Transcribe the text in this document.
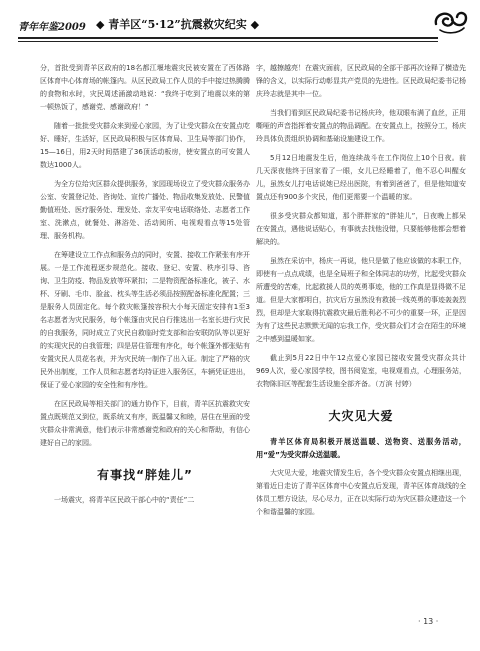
青年年鉴2009 ◆ 青羊区“5·12”抗震救灾纪实 ◆

分，首批受到青羊区政府的18名都江堰地震灾民被安置在了西体路区体育中心体育场的帐篷内。从区民政局工作人员的手中接过热腾腾的食物和水时，灾民周述涌激动地说：“我终于吃到了地震以来的第一顿热饭了，感谢党、感谢政府！”

随着一批批受灾群众来到爱心家园，为了让受灾群众在安置点吃好、睡好，生活好，区民政局积极与区体育局、卫生局等部门协作，15—16日，用2天时间搭建了36顶活动板房，使安置点的可安置人数达1000人。

为全方位给灾区群众提供服务，家园现场设立了受灾群众服务办公室、安置登记处、咨询处、宣传广播处、物品收集发放处、民警值勤值班处、医疗服务处、理发处、亲友平安电话联络处、志愿者工作室、洗漱点，就餐处、淋浴处、活动阅所、电视观看点等15处管理、服务机构。

在筹建设立工作点和服务点的同时，安置、接收工作紧张有序开展。一是工作流程逐步规范化。接收、登记、安置、秩序引导、咨询、卫生防疫、物品发放等环紧扣；二是物资配备标准化，被子、水杯、牙刷、毛巾、脸盆、枕头等生活必须品按照配备标准化配置；三是服务人员固定化。每个救灾帐篷按容积大小每天固定安排有1至3名志愿者为灾民服务，每个帐篷由灾民自行推选出一名室长进行灾民的自我服务，同时成立了灾民自救临时党支部和治安联防队等以更好的实现灾民的自我管理；四是居住管理有序化，每个帐篷外都张贴有安置灾民人员花名表，并为灾民统一制作了出入证。制定了严格的灾民外出制度，工作人员和志愿者均持证进入服务区，车辆凭证进出，保证了爱心家园的安全性和有序性。

在区民政局等相关部门的通力协作下，目前，青羊区抗震救灾安置点既规范又到位，既系统又有序，既温馨又和睦，居住在里面的受灾群众非常满意，他们表示非常感谢党和政府的关心和帮助，有信心建好自己的家园。

有事找“胖娃儿”

一场震灾，将青羊区民政干部心中的“责任”二

字，越擦越亮！在震灾面前，区民政局的全部干部再次诠释了横造先锋的含义，以实际行动彰显共产党员的先进性。区民政局纪委书记杨庆玲志就是其中一位。

当我们看到区民政局纪委书记杨庆玲，他双眼布满了血丝，正用嘶哑的声音指挥着安置点的物品调配。在安置点上，按照分工，杨庆玲具体负责组织协调和基础设施建设工作。

5月12日地震发生后，他连续战斗在工作岗位上10个日夜。前几天深夜他终于回家看了一眼，女儿已经睡着了，他不忍心叫醒女儿，虽然女儿打电话说她已经出医院，有着到爸爸了，但是他知道安置点还有900多个灾民，他们更需要一个温暖的家。

很多受灾群众都知道，那个胖胖家的“胖娃儿”，日夜晚上都呆在安置点，遇他说话贴心，有事就去找他没错，只要能够他都会想着解决的。

虽然在采访中，杨庆一再说，他只是做了他应该做的本职工作，即使有一点点成绩，也是全局班子和全体同志的功劳，比起受灾群众所遭受的苦难，比起救援人员的英勇事迹，他的工作真是显得微不足道。但是大家都明白，抗灾后方虽然没有救援一线英勇的事迹轰轰烈烈，但却是大家取得抗震救灾最后胜利必不可少的重要一环，正是因为有了这些民志默默无闻的忘我工作，受灾群众们才会在陌生的环境之中感到温暖如家。

截止到5月22日中午12点爱心家园已接收安置受灾群众共计969人次，爱心家园学校，图书阅览室，电视观看点，心理服务站，衣物陈旧区等配套生活设施全部齐备。（万滨 付婷）

大灾见大爱

青羊区体育局积极开展送温暖、送物资、送服务活动，用“爱”为受灾群众送温暖。

大灾见大爱，地震灾情发生后，各个受灾群众安置点相继出现，第看近日走访了青羊区体育中心安置点后发现，青羊区体育战线的全体员工想方设法，尽心尽力，正在以实际行动为灾区群众建造这一个个和谐温馨的家园。

· 13 ·
